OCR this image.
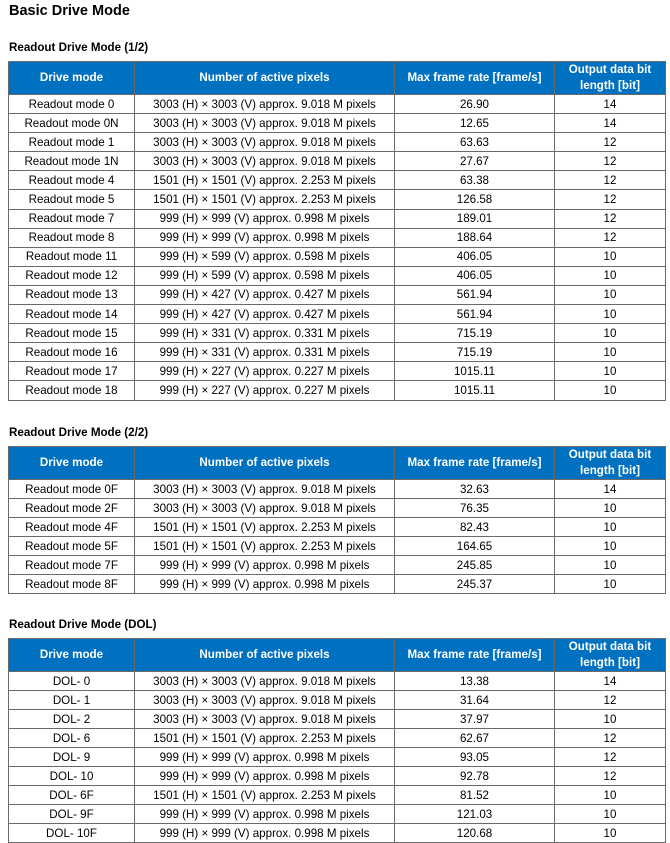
Basic Drive Mode
Readout Drive Mode (1/2)
Drive mode	Number of active pixels	Max frame rate [frame/s]	Output data bit length [bit]
Readout mode 0	3003 (H) × 3003 (V) approx. 9.018 M pixels	26.90	14
Readout mode 0N	3003 (H) × 3003 (V) approx. 9.018 M pixels	12.65	14
Readout mode 1	3003 (H) × 3003 (V) approx. 9.018 M pixels	63.63	12
Readout mode 1N	3003 (H) × 3003 (V) approx. 9.018 M pixels	27.67	12
Readout mode 4	1501 (H) × 1501 (V) approx. 2.253 M pixels	63.38	12
Readout mode 5	1501 (H) × 1501 (V) approx. 2.253 M pixels	126.58	12
Readout mode 7	999 (H) × 999 (V) approx. 0.998 M pixels	189.01	12
Readout mode 8	999 (H) × 999 (V) approx. 0.998 M pixels	188.64	12
Readout mode 11	999 (H) × 599 (V) approx. 0.598 M pixels	406.05	10
Readout mode 12	999 (H) × 599 (V) approx. 0.598 M pixels	406.05	10
Readout mode 13	999 (H) × 427 (V) approx. 0.427 M pixels	561.94	10
Readout mode 14	999 (H) × 427 (V) approx. 0.427 M pixels	561.94	10
Readout mode 15	999 (H) × 331 (V) approx. 0.331 M pixels	715.19	10
Readout mode 16	999 (H) × 331 (V) approx. 0.331 M pixels	715.19	10
Readout mode 17	999 (H) × 227 (V) approx. 0.227 M pixels	1015.11	10
Readout mode 18	999 (H) × 227 (V) approx. 0.227 M pixels	1015.11	10
Readout Drive Mode (2/2)
Drive mode	Number of active pixels	Max frame rate [frame/s]	Output data bit length [bit]
Readout mode 0F	3003 (H) × 3003 (V) approx. 9.018 M pixels	32.63	14
Readout mode 2F	3003 (H) × 3003 (V) approx. 9.018 M pixels	76.35	10
Readout mode 4F	1501 (H) × 1501 (V) approx. 2.253 M pixels	82.43	10
Readout mode 5F	1501 (H) × 1501 (V) approx. 2.253 M pixels	164.65	10
Readout mode 7F	999 (H) × 999 (V) approx. 0.998 M pixels	245.85	10
Readout mode 8F	999 (H) × 999 (V) approx. 0.998 M pixels	245.37	10
Readout Drive Mode (DOL)
Drive mode	Number of active pixels	Max frame rate [frame/s]	Output data bit length [bit]
DOL- 0	3003 (H) × 3003 (V) approx. 9.018 M pixels	13.38	14
DOL- 1	3003 (H) × 3003 (V) approx. 9.018 M pixels	31.64	12
DOL- 2	3003 (H) × 3003 (V) approx. 9.018 M pixels	37.97	10
DOL- 6	1501 (H) × 1501 (V) approx. 2.253 M pixels	62.67	12
DOL- 9	999 (H) × 999 (V) approx. 0.998 M pixels	93.05	12
DOL- 10	999 (H) × 999 (V) approx. 0.998 M pixels	92.78	12
DOL- 6F	1501 (H) × 1501 (V) approx. 2.253 M pixels	81.52	10
DOL- 9F	999 (H) × 999 (V) approx. 0.998 M pixels	121.03	10
DOL- 10F	999 (H) × 999 (V) approx. 0.998 M pixels	120.68	10
